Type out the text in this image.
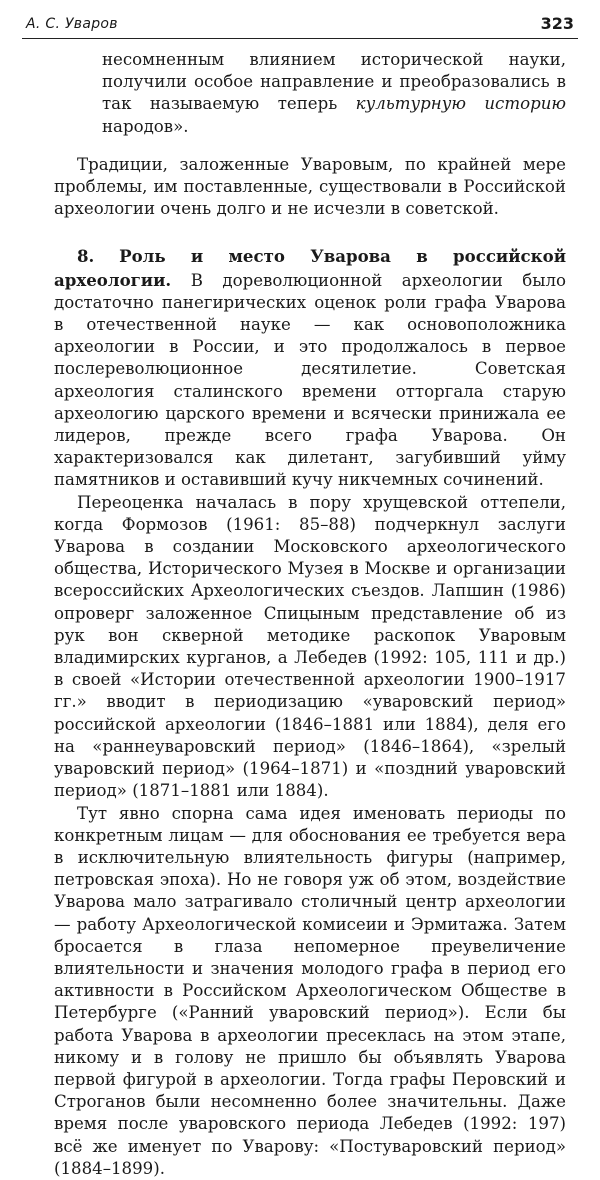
А. С. Уваров	323

несомненным влиянием исторической науки, получили особое направление и преобразовались в так называемую теперь культурную историю народов».

Традиции, заложенные Уваровым, по крайней мере проблемы, им поставленные, существовали в Российской археологии очень долго и не исчезли в советской.

8. Роль и место Уварова в российской археологии. В дореволюционной археологии было достаточно панегирических оценок роли графа Уварова в отечественной науке — как основоположника археологии в России, и это продолжалось в первое послереволюционное десятилетие. Советская археология сталинского времени отторгала старую археологию царского времени и всячески принижала ее лидеров, прежде всего графа Уварова. Он характеризовался как дилетант, загубивший уйму памятников и оставивший кучу никчемных сочинений.

Переоценка началась в пору хрущевской оттепели, когда Формозов (1961: 85–88) подчеркнул заслуги Уварова в создании Московского археологического общества, Исторического Музея в Москве и организации всероссийских Археологических съездов. Лапшин (1986) опроверг заложенное Спицыным представление об из рук вон скверной методике раскопок Уваровым владимирских курганов, а Лебедев (1992: 105, 111 и др.) в своей «Истории отечественной археологии 1900–1917 гг.» вводит в периодизацию «уваровский период» российской археологии (1846–1881 или 1884), деля его на «раннеуваровский период» (1846–1864), «зрелый уваровский период» (1964–1871) и «поздний уваровский период» (1871–1881 или 1884).

Тут явно спорна сама идея именовать периоды по конкретным лицам — для обоснования ее требуется вера в исключительную влиятельность фигуры (например, петровская эпоха). Но не говоря уж об этом, воздействие Уварова мало затрагивало столичный центр археологии — работу Археологической комисеии и Эрмитажа. Затем бросается в глаза непомерное преувеличение влиятельности и значения молодого графа в период его активности в Российском Археологическом Обществе в Петербурге («Ранний уваровский период»). Если бы работа Уварова в археологии пресеклась на этом этапе, никому и в голову не пришло бы объявлять Уварова первой фигурой в археологии. Тогда графы Перовский и Строганов были несомненно более значительны. Даже время после уваровского периода Лебедев (1992: 197) всё же именует по Уварову: «Постуваровский период» (1884–1899).
